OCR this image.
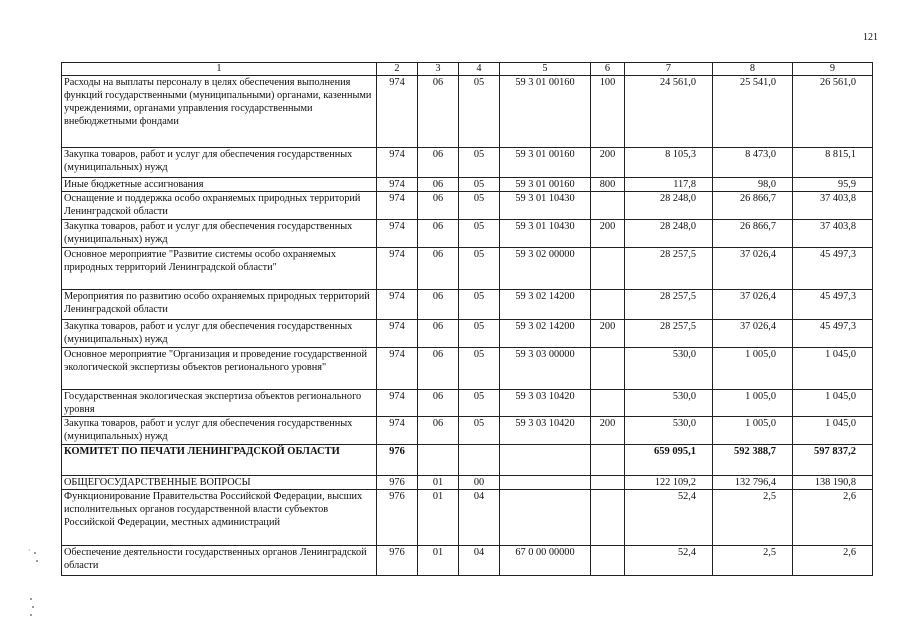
121
1	2	3	4	5	6	7	8	9
Расходы на выплаты персоналу в целях обеспечения выполнения функций государственными (муниципальными) органами, казенными учреждениями, органами управления государственными внебюджетными фондами	974	06	05	59 3 01 00160	100	24 561,0	25 541,0	26 561,0
Закупка товаров, работ и услуг для обеспечения государственных (муниципальных) нужд	974	06	05	59 3 01 00160	200	8 105,3	8 473,0	8 815,1
Иные бюджетные ассигнования	974	06	05	59 3 01 00160	800	117,8	98,0	95,9
Оснащение и поддержка особо охраняемых природных территорий Ленинградской области	974	06	05	59 3 01 10430		28 248,0	26 866,7	37 403,8
Закупка товаров, работ и услуг для обеспечения государственных (муниципальных) нужд	974	06	05	59 3 01 10430	200	28 248,0	26 866,7	37 403,8
Основное мероприятие "Развитие системы особо охраняемых природных территорий Ленинградской области"	974	06	05	59 3 02 00000		28 257,5	37 026,4	45 497,3
Мероприятия по развитию особо охраняемых природных территорий Ленинградской области	974	06	05	59 3 02 14200		28 257,5	37 026,4	45 497,3
Закупка товаров, работ и услуг для обеспечения государственных (муниципальных) нужд	974	06	05	59 3 02 14200	200	28 257,5	37 026,4	45 497,3
Основное мероприятие "Организация и проведение государственной экологической экспертизы объектов регионального уровня"	974	06	05	59 3 03 00000		530,0	1 005,0	1 045,0
Государственная экологическая экспертиза объектов регионального уровня	974	06	05	59 3 03 10420		530,0	1 005,0	1 045,0
Закупка товаров, работ и услуг для обеспечения государственных (муниципальных) нужд	974	06	05	59 3 03 10420	200	530,0	1 005,0	1 045,0
КОМИТЕТ ПО ПЕЧАТИ ЛЕНИНГРАДСКОЙ ОБЛАСТИ	976					659 095,1	592 388,7	597 837,2
ОБЩЕГОСУДАРСТВЕННЫЕ ВОПРОСЫ	976	01	00			122 109,2	132 796,4	138 190,8
Функционирование Правительства Российской Федерации, высших исполнительных органов государственной власти субъектов Российской Федерации, местных администраций	976	01	04			52,4	2,5	2,6
Обеспечение деятельности государственных органов Ленинградской области	976	01	04	67 0 00 00000		52,4	2,5	2,6
·
